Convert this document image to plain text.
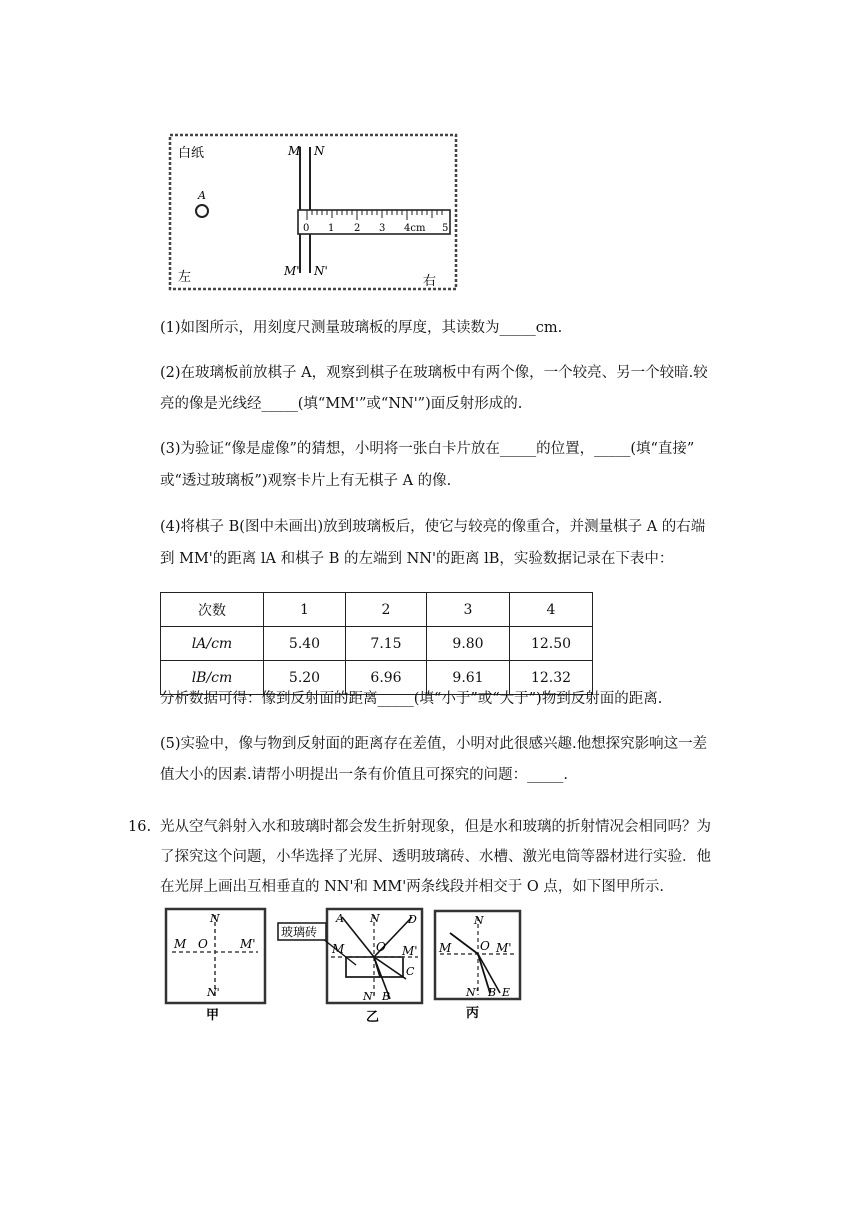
白纸
A
M N
M' N'
0 1 2 3 4cm 5
左	右

(1)如图所示，用刻度尺测量玻璃板的厚度，其读数为_____cm.

(2)在玻璃板前放棋子 A，观察到棋子在玻璃板中有两个像，一个较亮、另一个较暗.较

亮的像是光线经_____(填“MM'”或“NN'”)面反射形成的.

(3)为验证“像是虚像”的猜想，小明将一张白卡片放在_____的位置，_____(填“直接”

或“透过玻璃板”)观察卡片上有无棋子 A 的像.

(4)将棋子 B(图中未画出)放到玻璃板后，使它与较亮的像重合，并测量棋子 A 的右端

到 MM'的距离 lA 和棋子 B 的左端到 NN'的距离 lB，实验数据记录在下表中：

次数	1	2	3	4
lA/cm	5.40	7.15	9.80	12.50
lB/cm	5.20	6.96	9.61	12.32

分析数据可得：像到反射面的距离_____(填“小于”或“大于”)物到反射面的距离.

(5)实验中，像与物到反射面的距离存在差值，小明对此很感兴趣.他想探究影响这一差

值大小的因素.请帮小明提出一条有价值且可探究的问题：_____.

16. 光从空气斜射入水和玻璃时都会发生折射现象，但是水和玻璃的折射情况会相同吗？为

了探究这个问题，小华选择了光屏、透明玻璃砖、水槽、激光电筒等器材进行实验．他

在光屏上画出互相垂直的 NN'和 MM'两条线段并相交于 O 点，如下图甲所示.

N
M O	M'
N'
甲
A N	D
M	O M'
C
N' B
乙
玻璃砖
N
M O M'
N' B E
丙
